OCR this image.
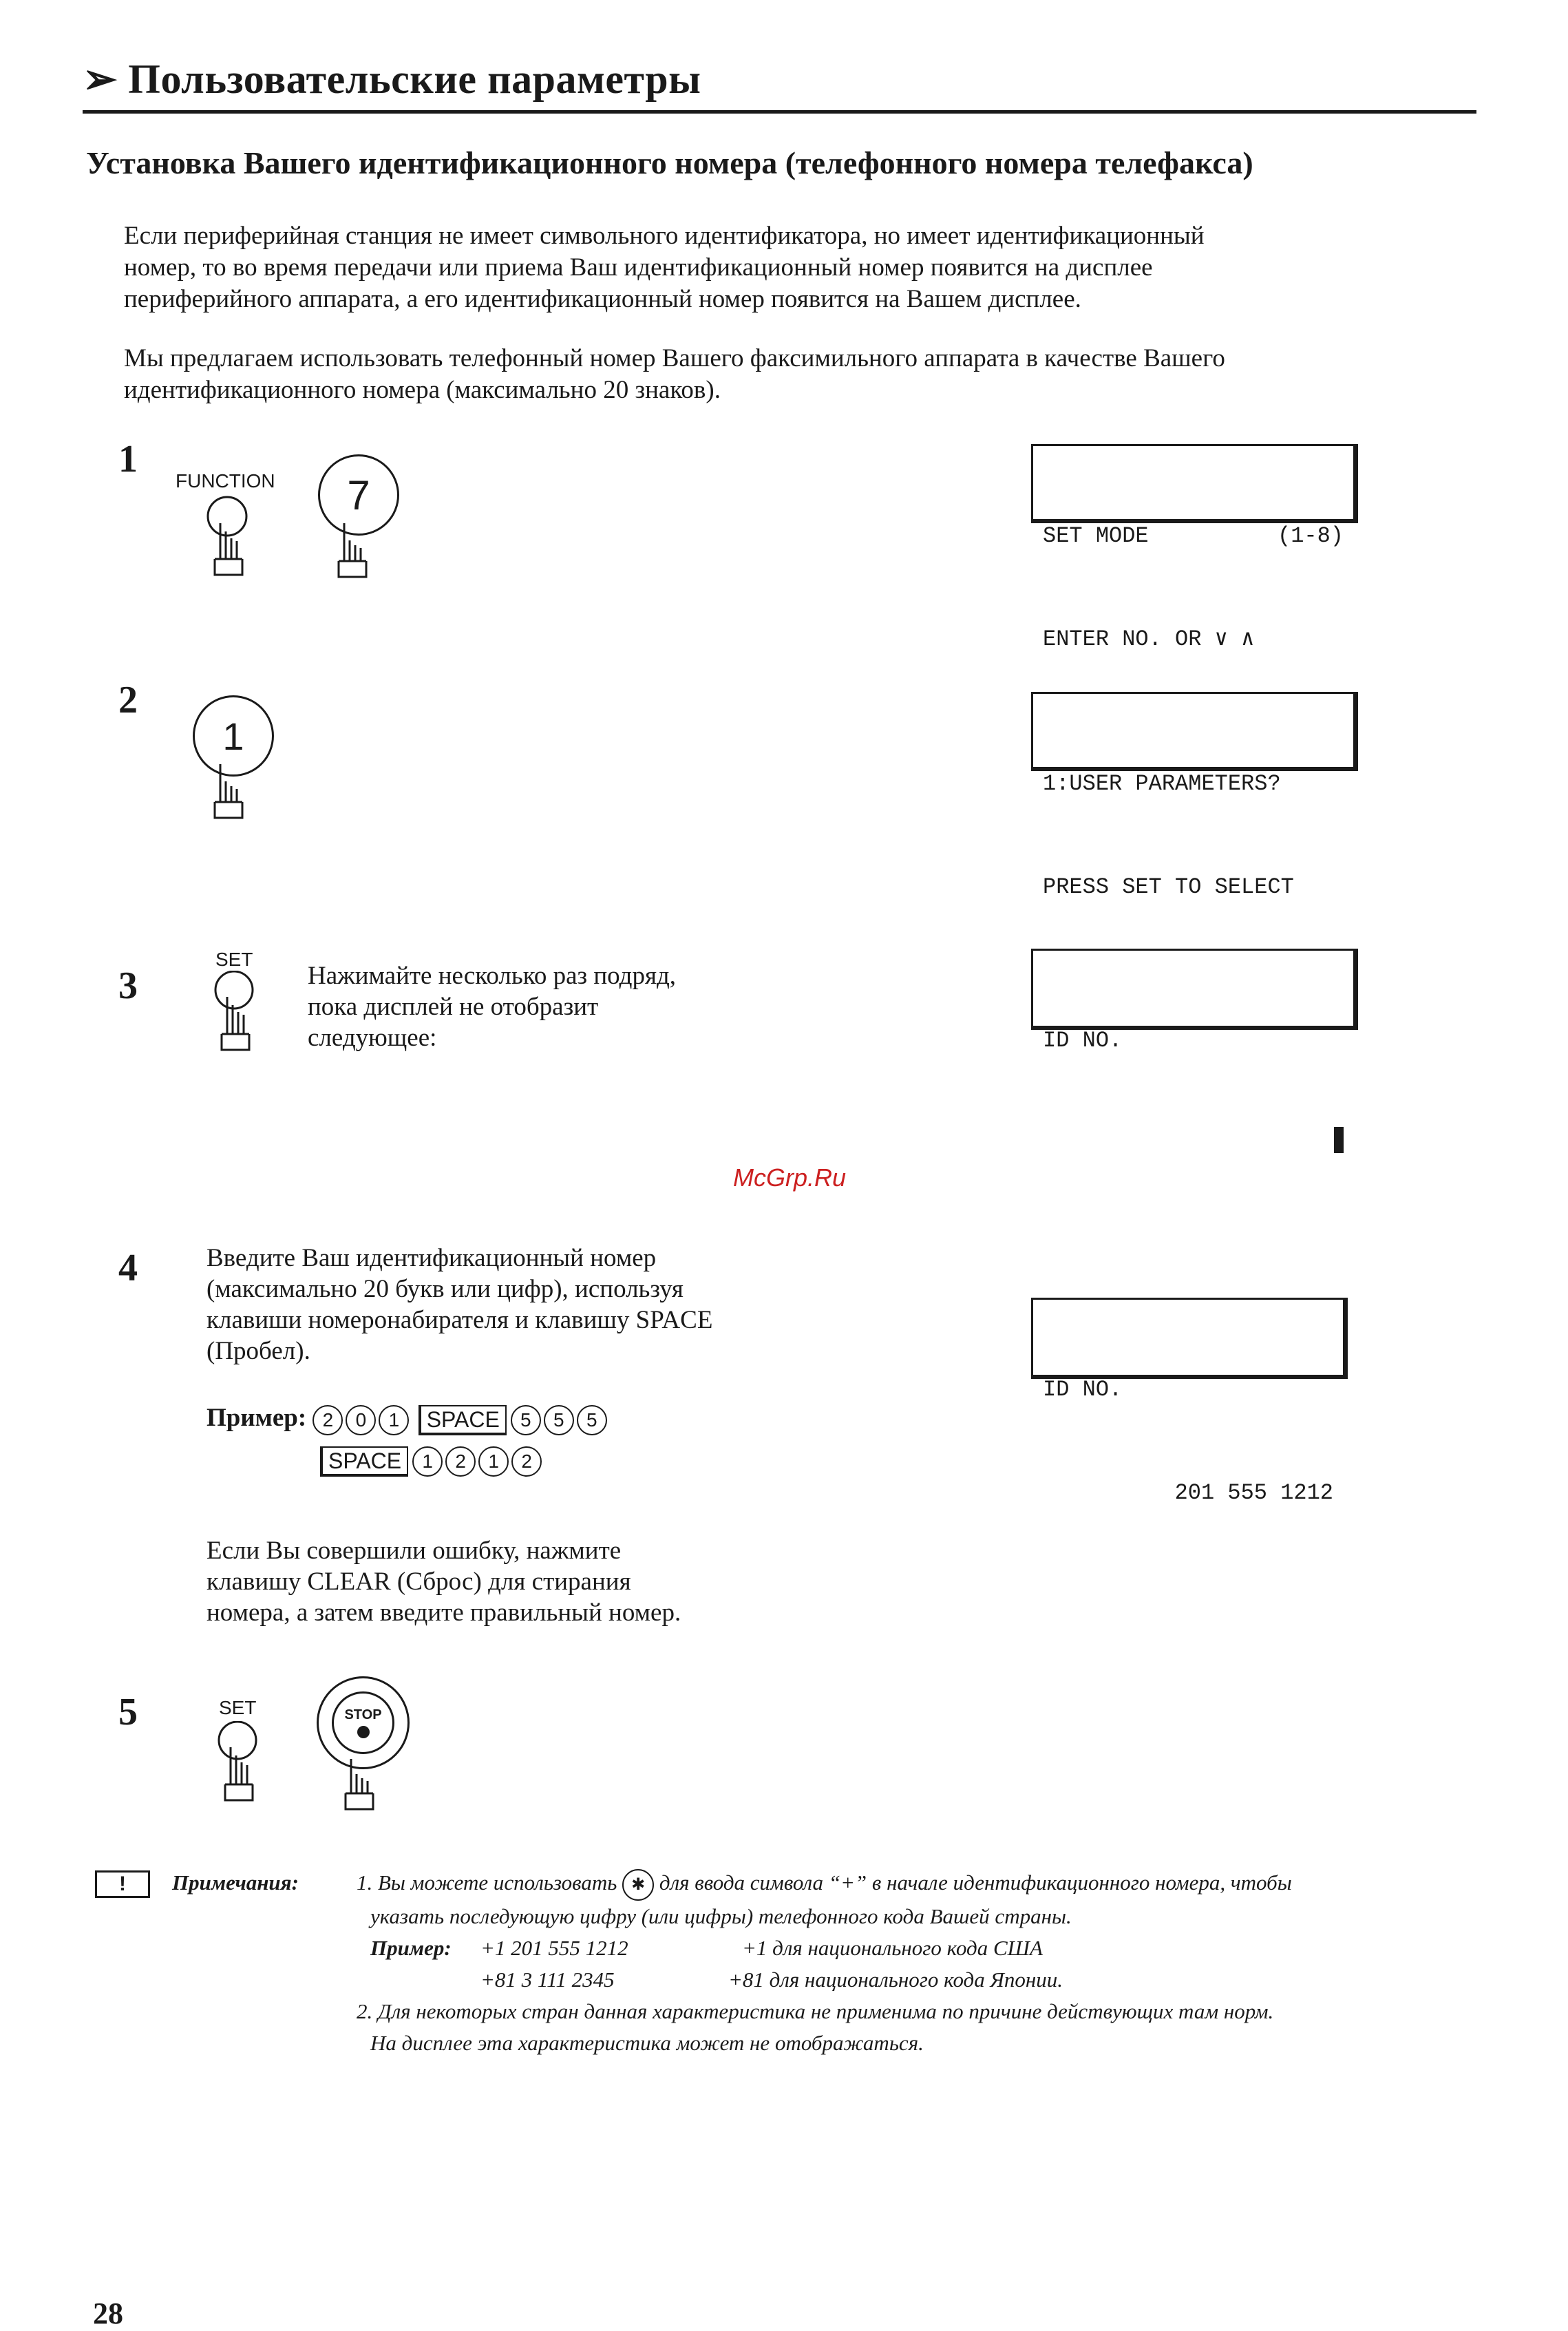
➢ Пользовательские параметры
Установка Вашего идентификационного номера (телефонного номера телефакса)
Если периферийная станция не имеет символьного идентификатора, но имеет идентификационный
номер, то во время передачи или приема Ваш идентификационный номер появится на дисплее
периферийного аппарата, а его идентификационный номер появится на Вашем дисплее.
Мы предлагаем использовать телефонный номер Вашего факсимильного аппарата в качестве Вашего
идентификационного номера (максимально 20 знаков).
1
FUNCTION 7

SET MODE	(1-8)

ENTER NO. OR ∨ ∧

2
1

1:USER PARAMETERS?

PRESS SET TO SELECT

3
SET
Нажимайте несколько раз подряд,
пока дисплей не отобразит
следующее:

	ID NO.

McGrp.Ru
4	Введите Ваш идентификационный номер
(максимально 20 букв или цифр), используя
клавиши номеронабирателя и клавишу SPACE
(Пробел).

ID NO.

201 555 1212

Пример: 2 0 1 SPACE 5 5 5
SPACE 1 2 1 2
Если Вы совершили ошибку, нажмите
клавишу CLEAR (Сброс) для стирания
номера, а затем введите правильный номер.
5	SET	STOP
! Примечания:	1. Вы можете использовать ✱ для ввода символа “+” в начале идентификационного номера, чтобы
указать последующую цифру (или цифры) телефонного кода Вашей страны.
Пример:	+1 201 555 1212	+1 для национального кода США
+81 3 111 2345	+81 для национального кода Японии.
2. Для некоторых стран данная характеристика не применима по причине действующих там норм.
На дисплее эта характеристика может не отображаться.
28
